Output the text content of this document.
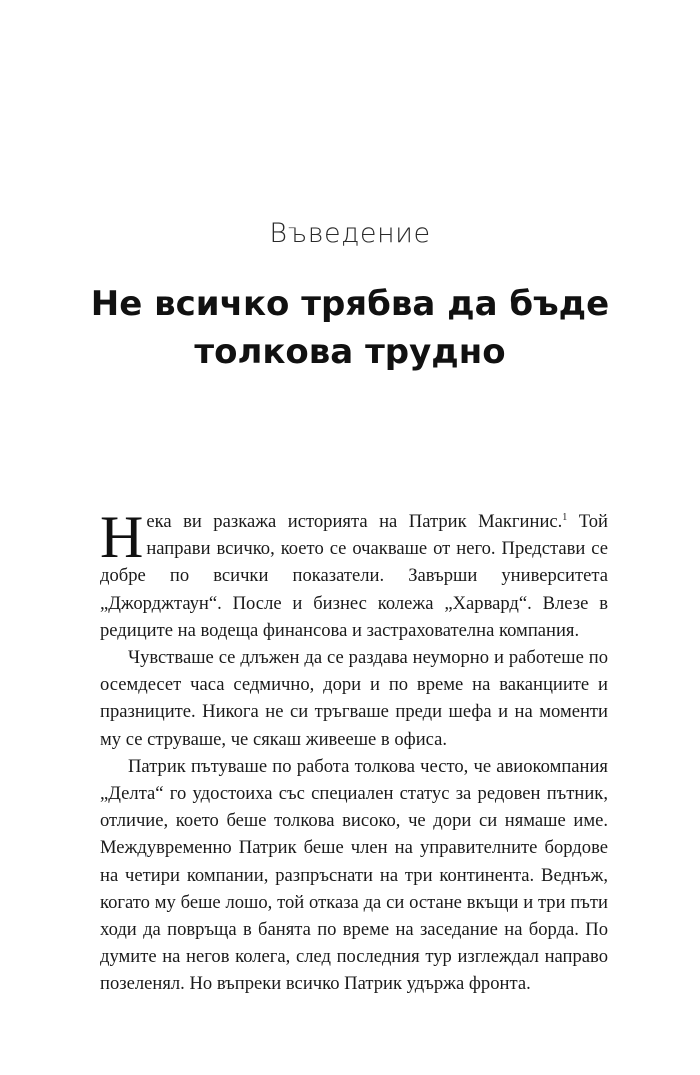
Въведение
Не всичко трябва да бъде толкова трудно

Нека ви разкажа историята на Патрик Макгинис.$^1$ Той направи всичко, което се очакваше от него. Представи се добре по всички показатели. Завърши университета „Джорджтаун“. После и бизнес колежа „Харвард“. Влезе в редиците на водеща финансова и застрахователна компания.

Чувстваше се длъжен да се раздава неуморно и работеше по осемдесет часа седмично, дори и по време на ваканциите и празниците. Никога не си тръгваше преди шефа и на моменти му се струваше, че сякаш живееше в офиса.

Патрик пътуваше по работа толкова често, че авиокомпания „Делта“ го удостоиха със специален статус за редовен пътник, отличие, което беше толкова високо, че дори си нямаше име. Междувременно Патрик беше член на управителните бордове на четири компании, разпръснати на три континента. Веднъж, когато му беше лошо, той отказа да си остане вкъщи и три пъти ходи да повръща в банята по време на заседание на борда. По думите на негов колега, след последния тур изглеждал направо позеленял. Но въпреки всичко Патрик удържа фронта.
